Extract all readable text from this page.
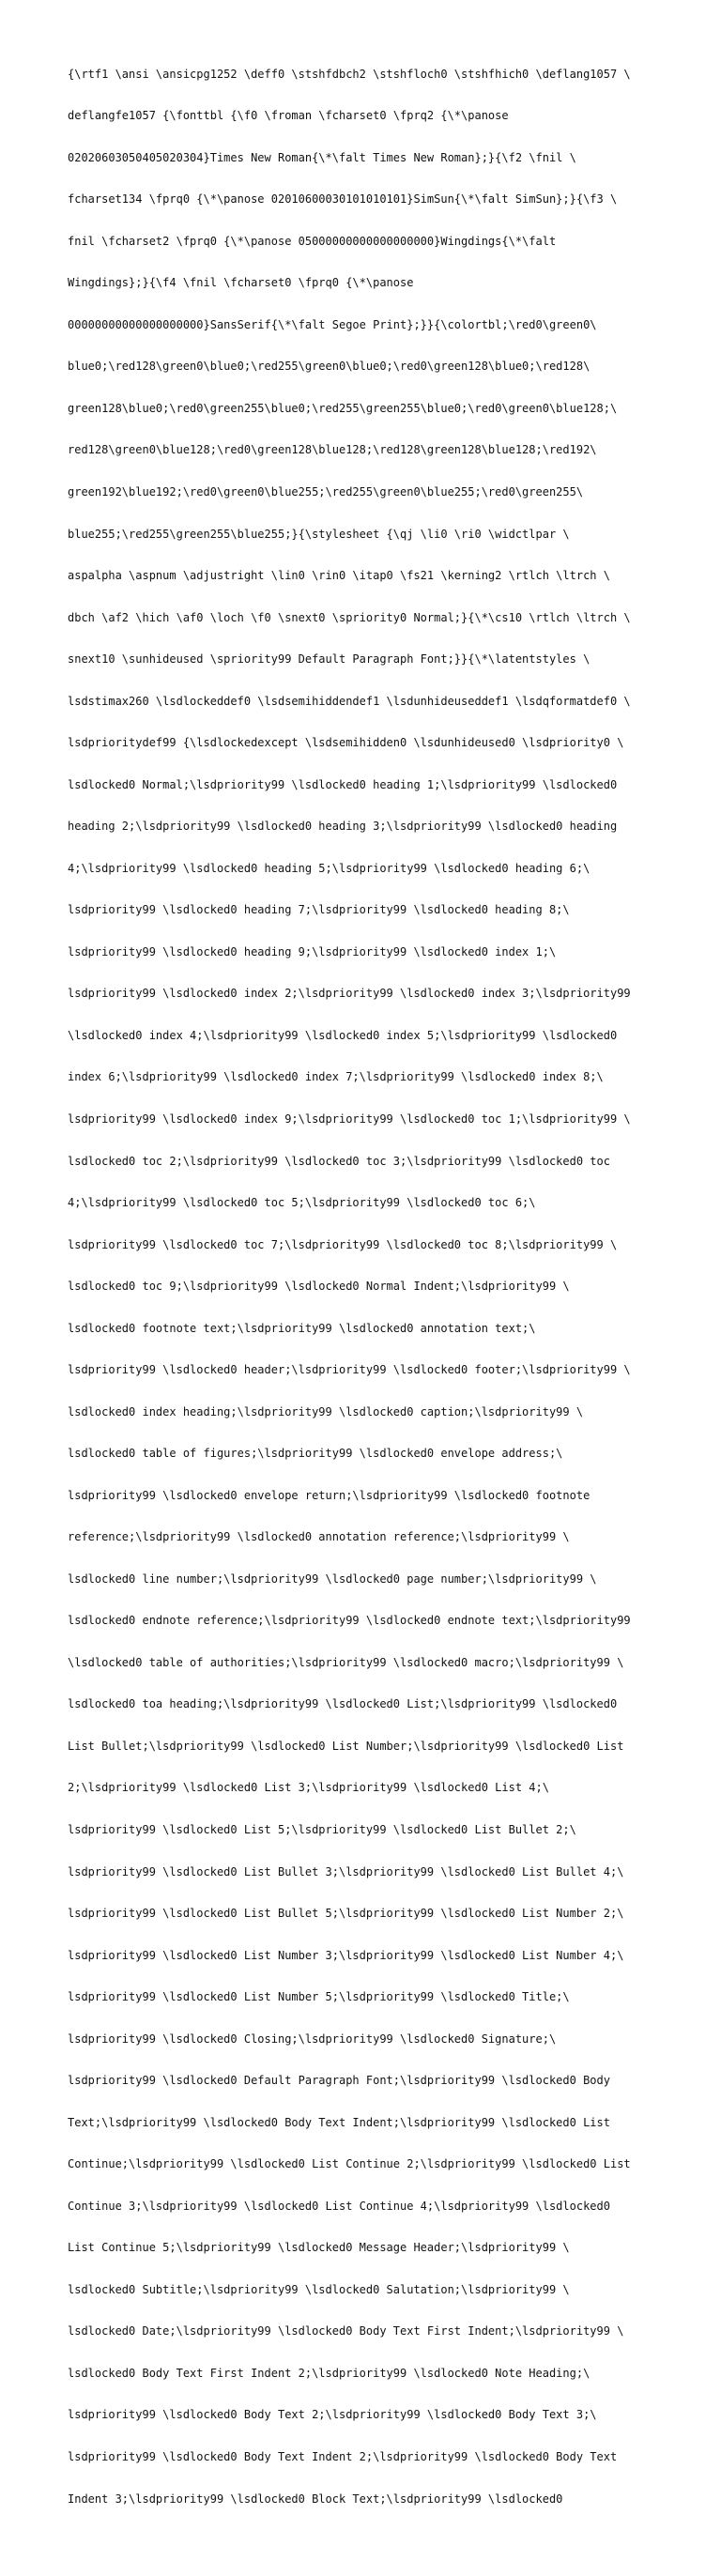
{\rtf1 \ansi \ansicpg1252 \deff0 \stshfdbch2 \stshfloch0 \stshfhich0 \deflang1057 \

deflangfe1057 {\fonttbl {\f0 \froman \fcharset0 \fprq2 {\*\panose

02020603050405020304}Times New Roman{\*\falt Times New Roman};}{\f2 \fnil \

fcharset134 \fprq0 {\*\panose 02010600030101010101}SimSun{\*\falt SimSun};}{\f3 \

fnil \fcharset2 \fprq0 {\*\panose 05000000000000000000}Wingdings{\*\falt

Wingdings};}{\f4 \fnil \fcharset0 \fprq0 {\*\panose

00000000000000000000}SansSerif{\*\falt Segoe Print};}}{\colortbl;\red0\green0\

blue0;\red128\green0\blue0;\red255\green0\blue0;\red0\green128\blue0;\red128\

green128\blue0;\red0\green255\blue0;\red255\green255\blue0;\red0\green0\blue128;\

red128\green0\blue128;\red0\green128\blue128;\red128\green128\blue128;\red192\

green192\blue192;\red0\green0\blue255;\red255\green0\blue255;\red0\green255\

blue255;\red255\green255\blue255;}{\stylesheet {\qj \li0 \ri0 \widctlpar \

aspalpha \aspnum \adjustright \lin0 \rin0 \itap0 \fs21 \kerning2 \rtlch \ltrch \

dbch \af2 \hich \af0 \loch \f0 \snext0 \spriority0 Normal;}{\*\cs10 \rtlch \ltrch \

snext10 \sunhideused \spriority99 Default Paragraph Font;}}{\*\latentstyles \

lsdstimax260 \lsdlockeddef0 \lsdsemihiddendef1 \lsdunhideuseddef1 \lsdqformatdef0 \

lsdprioritydef99 {\lsdlockedexcept \lsdsemihidden0 \lsdunhideused0 \lsdpriority0 \

lsdlocked0 Normal;\lsdpriority99 \lsdlocked0 heading 1;\lsdpriority99 \lsdlocked0

heading 2;\lsdpriority99 \lsdlocked0 heading 3;\lsdpriority99 \lsdlocked0 heading

4;\lsdpriority99 \lsdlocked0 heading 5;\lsdpriority99 \lsdlocked0 heading 6;\

lsdpriority99 \lsdlocked0 heading 7;\lsdpriority99 \lsdlocked0 heading 8;\

lsdpriority99 \lsdlocked0 heading 9;\lsdpriority99 \lsdlocked0 index 1;\

lsdpriority99 \lsdlocked0 index 2;\lsdpriority99 \lsdlocked0 index 3;\lsdpriority99

\lsdlocked0 index 4;\lsdpriority99 \lsdlocked0 index 5;\lsdpriority99 \lsdlocked0

index 6;\lsdpriority99 \lsdlocked0 index 7;\lsdpriority99 \lsdlocked0 index 8;\

lsdpriority99 \lsdlocked0 index 9;\lsdpriority99 \lsdlocked0 toc 1;\lsdpriority99 \

lsdlocked0 toc 2;\lsdpriority99 \lsdlocked0 toc 3;\lsdpriority99 \lsdlocked0 toc

4;\lsdpriority99 \lsdlocked0 toc 5;\lsdpriority99 \lsdlocked0 toc 6;\

lsdpriority99 \lsdlocked0 toc 7;\lsdpriority99 \lsdlocked0 toc 8;\lsdpriority99 \

lsdlocked0 toc 9;\lsdpriority99 \lsdlocked0 Normal Indent;\lsdpriority99 \

lsdlocked0 footnote text;\lsdpriority99 \lsdlocked0 annotation text;\

lsdpriority99 \lsdlocked0 header;\lsdpriority99 \lsdlocked0 footer;\lsdpriority99 \

lsdlocked0 index heading;\lsdpriority99 \lsdlocked0 caption;\lsdpriority99 \

lsdlocked0 table of figures;\lsdpriority99 \lsdlocked0 envelope address;\

lsdpriority99 \lsdlocked0 envelope return;\lsdpriority99 \lsdlocked0 footnote

reference;\lsdpriority99 \lsdlocked0 annotation reference;\lsdpriority99 \

lsdlocked0 line number;\lsdpriority99 \lsdlocked0 page number;\lsdpriority99 \

lsdlocked0 endnote reference;\lsdpriority99 \lsdlocked0 endnote text;\lsdpriority99

\lsdlocked0 table of authorities;\lsdpriority99 \lsdlocked0 macro;\lsdpriority99 \

lsdlocked0 toa heading;\lsdpriority99 \lsdlocked0 List;\lsdpriority99 \lsdlocked0

List Bullet;\lsdpriority99 \lsdlocked0 List Number;\lsdpriority99 \lsdlocked0 List

2;\lsdpriority99 \lsdlocked0 List 3;\lsdpriority99 \lsdlocked0 List 4;\

lsdpriority99 \lsdlocked0 List 5;\lsdpriority99 \lsdlocked0 List Bullet 2;\

lsdpriority99 \lsdlocked0 List Bullet 3;\lsdpriority99 \lsdlocked0 List Bullet 4;\

lsdpriority99 \lsdlocked0 List Bullet 5;\lsdpriority99 \lsdlocked0 List Number 2;\

lsdpriority99 \lsdlocked0 List Number 3;\lsdpriority99 \lsdlocked0 List Number 4;\

lsdpriority99 \lsdlocked0 List Number 5;\lsdpriority99 \lsdlocked0 Title;\

lsdpriority99 \lsdlocked0 Closing;\lsdpriority99 \lsdlocked0 Signature;\

lsdpriority99 \lsdlocked0 Default Paragraph Font;\lsdpriority99 \lsdlocked0 Body

Text;\lsdpriority99 \lsdlocked0 Body Text Indent;\lsdpriority99 \lsdlocked0 List

Continue;\lsdpriority99 \lsdlocked0 List Continue 2;\lsdpriority99 \lsdlocked0 List

Continue 3;\lsdpriority99 \lsdlocked0 List Continue 4;\lsdpriority99 \lsdlocked0

List Continue 5;\lsdpriority99 \lsdlocked0 Message Header;\lsdpriority99 \

lsdlocked0 Subtitle;\lsdpriority99 \lsdlocked0 Salutation;\lsdpriority99 \

lsdlocked0 Date;\lsdpriority99 \lsdlocked0 Body Text First Indent;\lsdpriority99 \

lsdlocked0 Body Text First Indent 2;\lsdpriority99 \lsdlocked0 Note Heading;\

lsdpriority99 \lsdlocked0 Body Text 2;\lsdpriority99 \lsdlocked0 Body Text 3;\

lsdpriority99 \lsdlocked0 Body Text Indent 2;\lsdpriority99 \lsdlocked0 Body Text

Indent 3;\lsdpriority99 \lsdlocked0 Block Text;\lsdpriority99 \lsdlocked0
